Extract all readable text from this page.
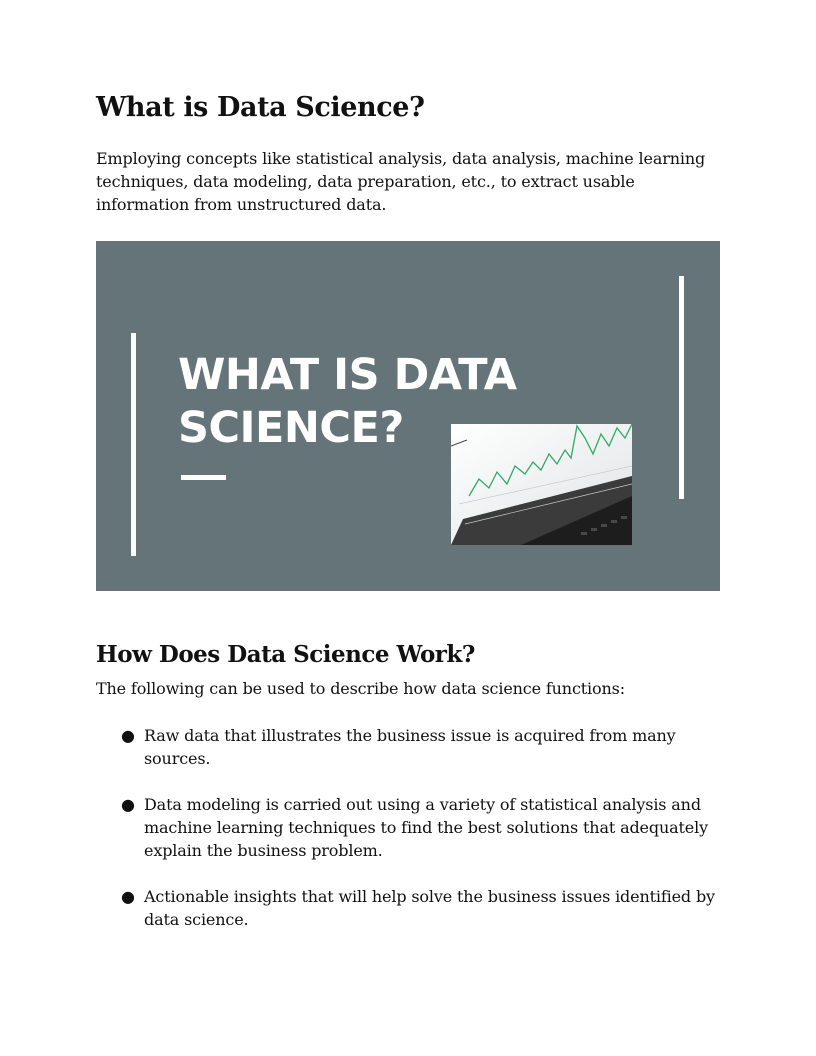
What is Data Science?

Employing concepts like statistical analysis, data analysis, machine learning techniques, data modeling, data preparation, etc., to extract usable information from unstructured data.

WHAT IS DATA
SCIENCE?
How Does Data Science Work?

The following can be used to describe how data science functions:

● Raw data that illustrates the business issue is acquired from many sources.
● Data modeling is carried out using a variety of statistical analysis and machine learning techniques to find the best solutions that adequately explain the business problem.
● Actionable insights that will help solve the business issues identified by data science.
